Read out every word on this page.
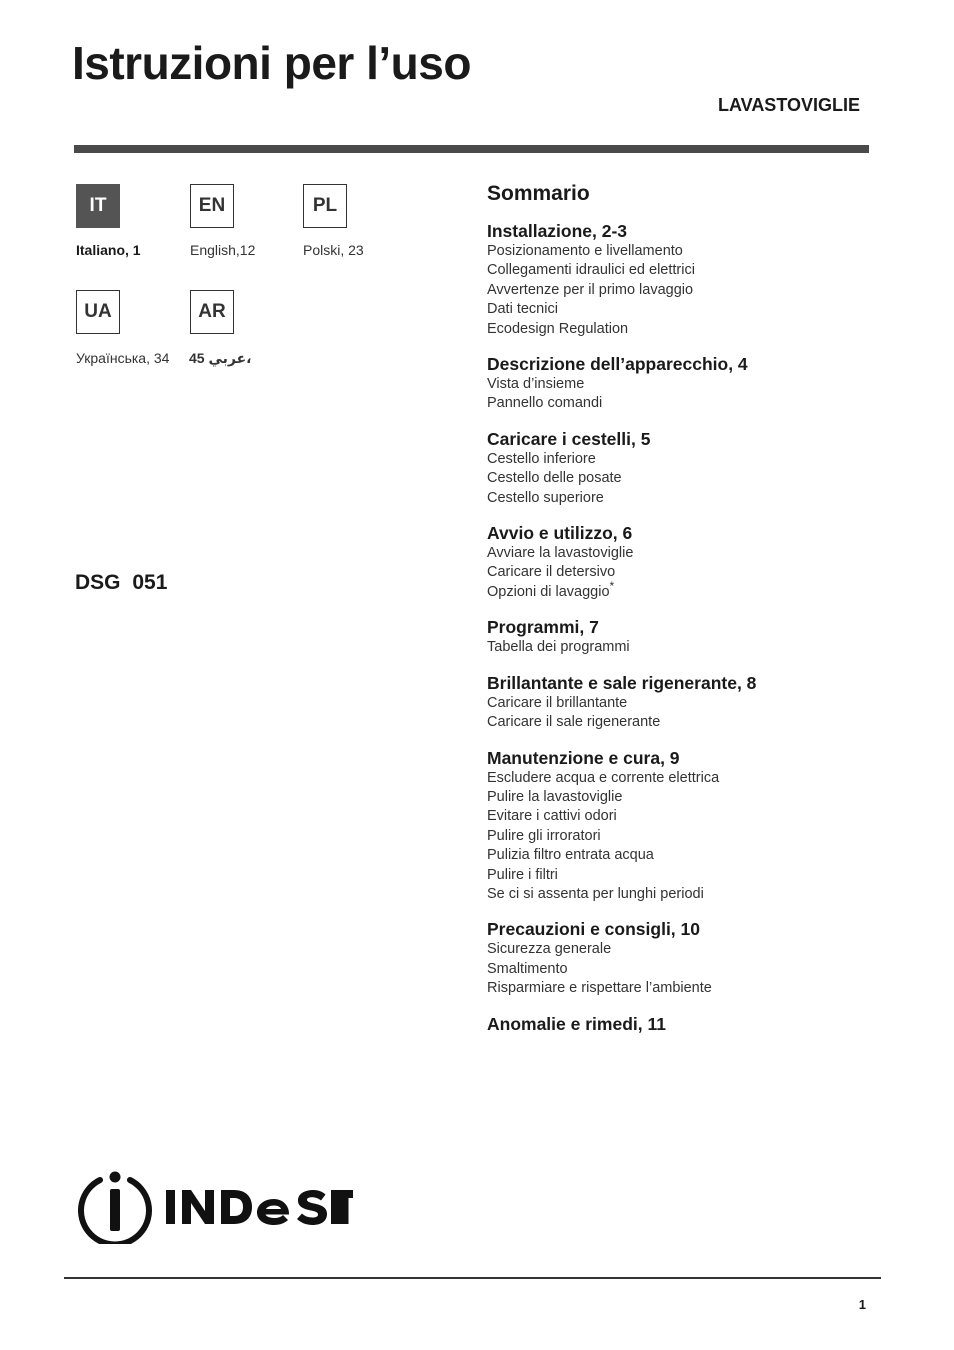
Istruzioni per l’uso
LAVASTOVIGLIE
IT
Italiano, 1
EN
English,12
PL
Polski, 23
UA
Українська, 34
AR
45 عربي،
DSG 051
Sommario
Installazione, 2-3
Posizionamento e livellamento
Collegamenti idraulici ed elettrici
Avvertenze per il primo lavaggio
Dati tecnici
Ecodesign Regulation
Descrizione dell’apparecchio, 4
Vista d’insieme
Pannello comandi
Caricare i cestelli, 5
Cestello inferiore
Cestello delle posate
Cestello superiore
Avvio e utilizzo, 6
Avviare la lavastoviglie
Caricare il detersivo
Opzioni di lavaggio*
Programmi, 7
Tabella dei programmi
Brillantante e sale rigenerante, 8
Caricare il brillantante
Caricare il sale rigenerante
Manutenzione e cura, 9
Escludere acqua e corrente elettrica
Pulire la lavastoviglie
Evitare i cattivi odori
Pulire gli irroratori
Pulizia filtro entrata acqua
Pulire i filtri
Se ci si assenta per lunghi periodi
Precauzioni e consigli, 10
Sicurezza generale
Smaltimento
Risparmiare e rispettare l’ambiente
Anomalie e rimedi, 11
1
